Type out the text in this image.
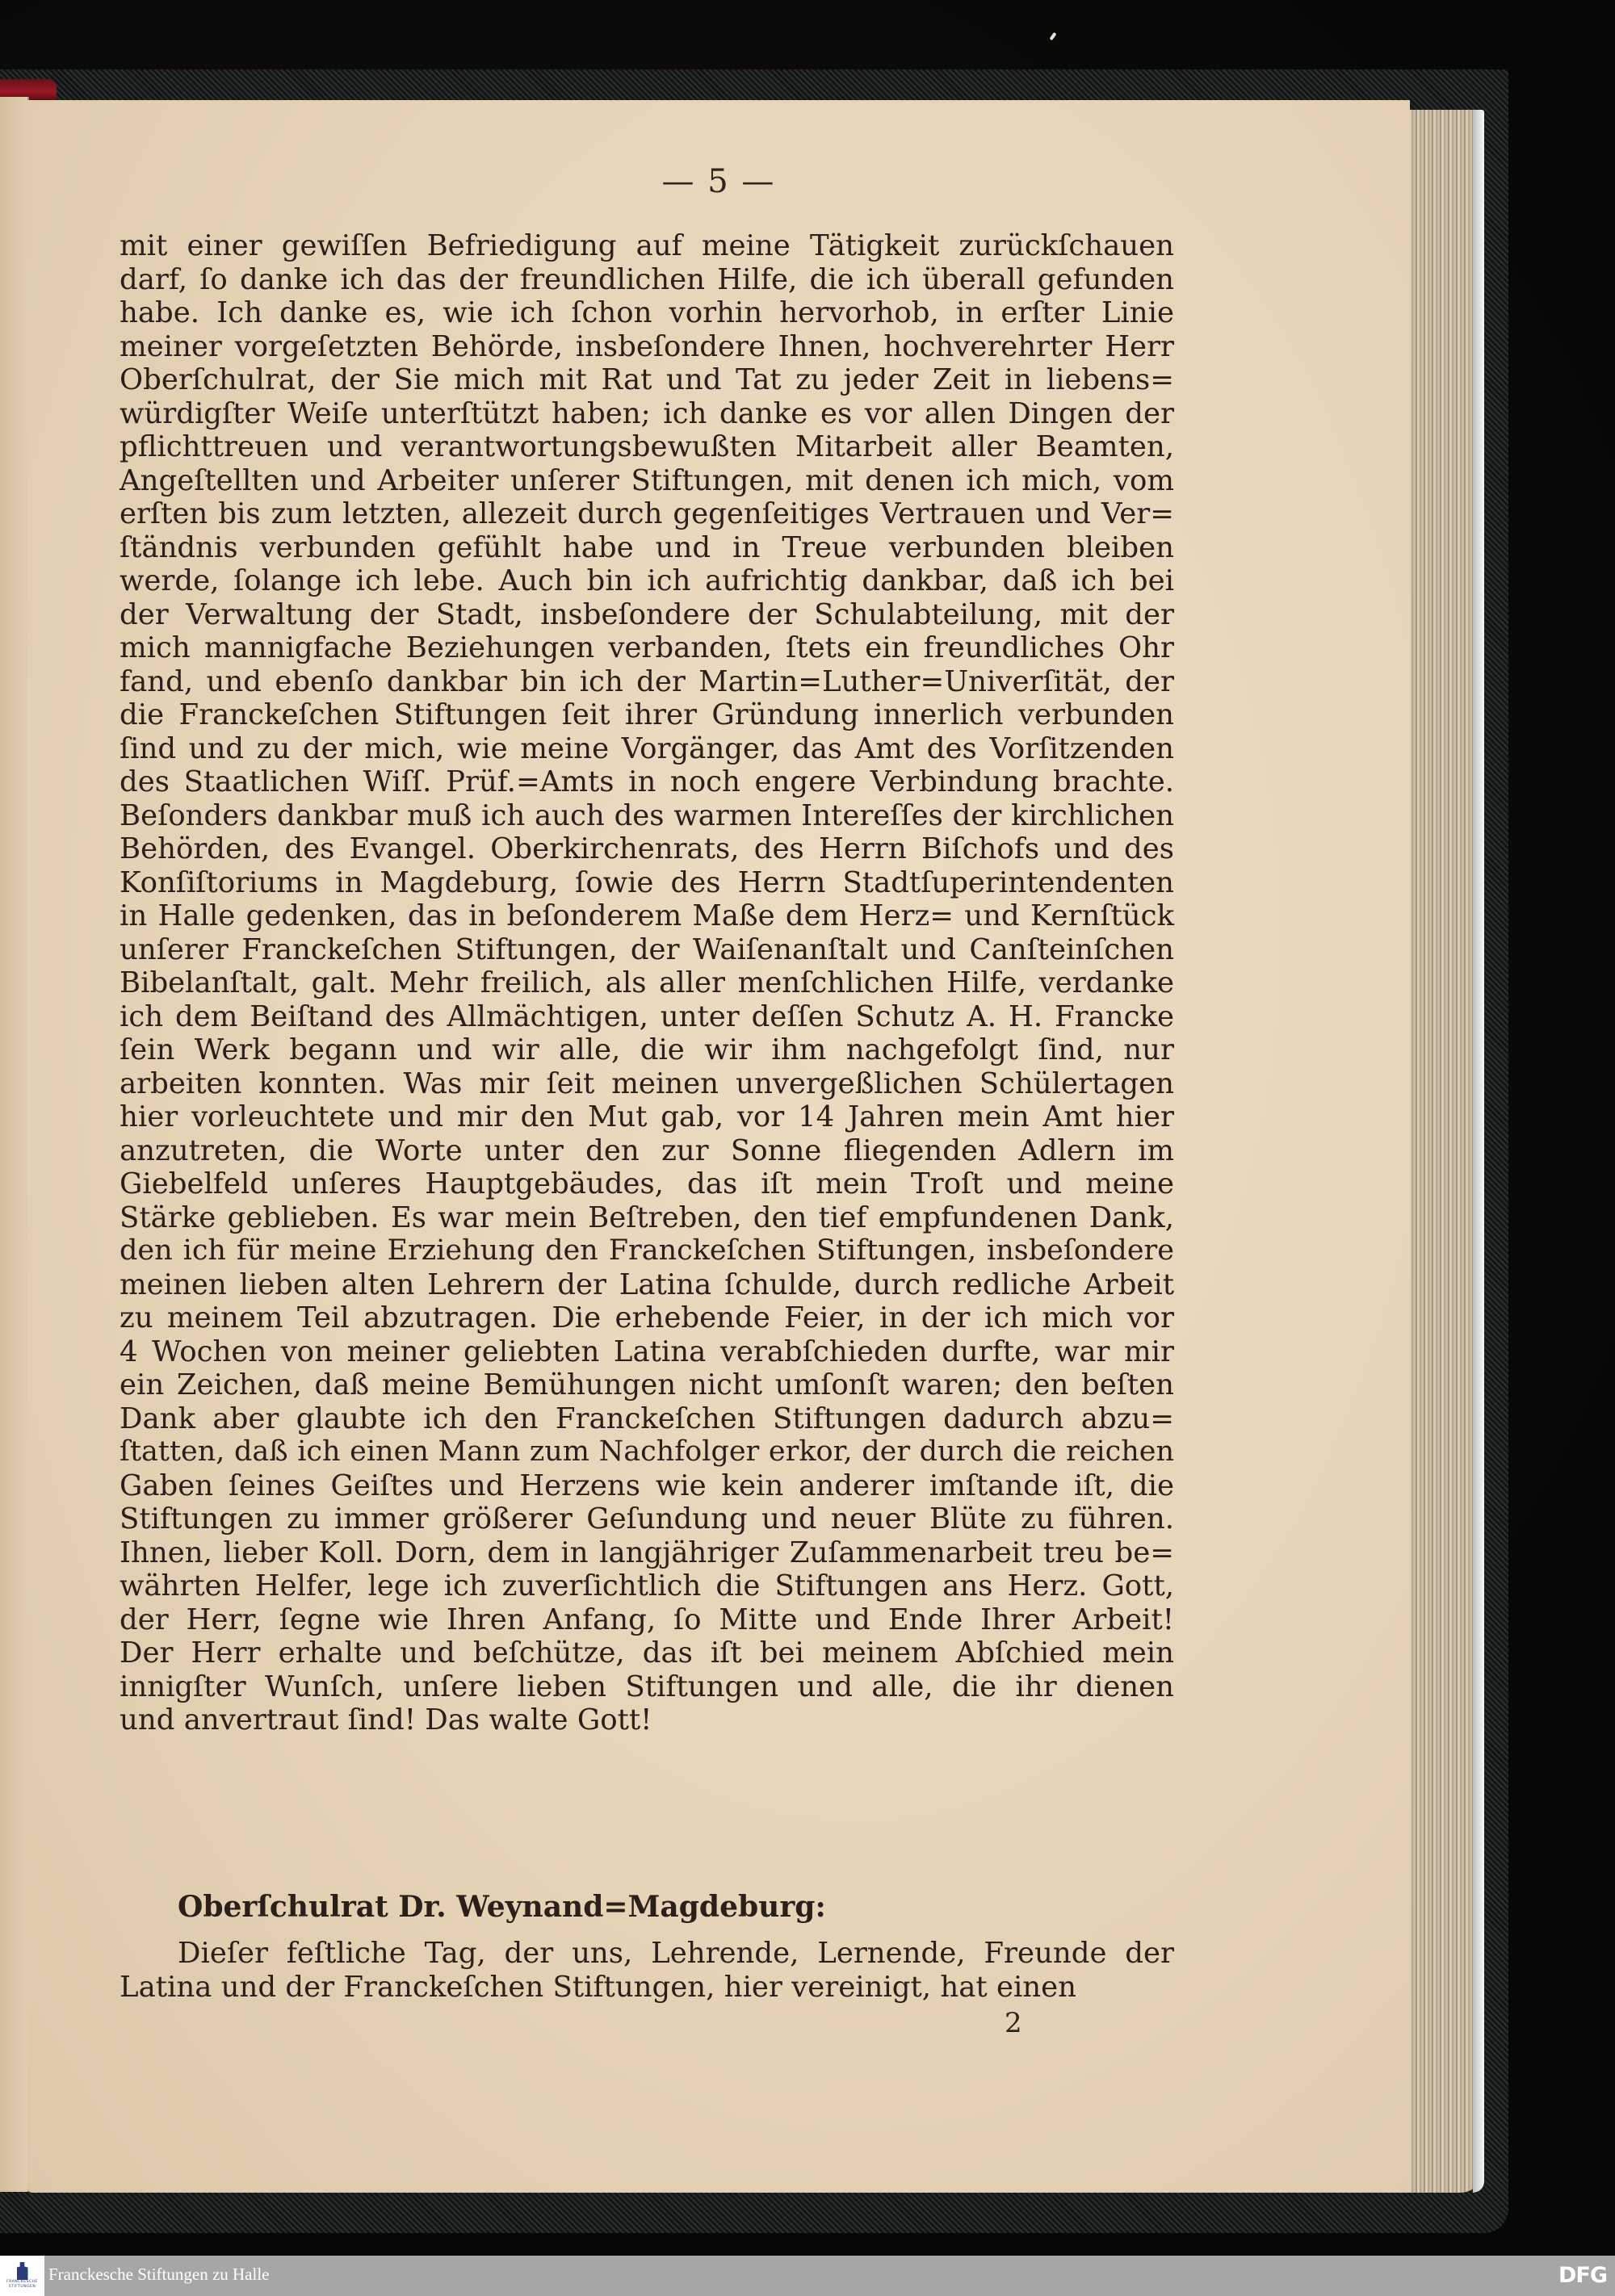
— 5 —
mit einer gewiſſen Befriedigung auf meine Tätigkeit zurückſchauen
darf, ſo danke ich das der freundlichen Hilfe, die ich überall gefunden
habe. Ich danke es, wie ich ſchon vorhin hervorhob, in erſter Linie
meiner vorgeſetzten Behörde, insbeſondere Ihnen, hochverehrter Herr
Oberſchulrat, der Sie mich mit Rat und Tat zu jeder Zeit in liebens=
würdigſter Weiſe unterſtützt haben; ich danke es vor allen Dingen der
pflichttreuen und verantwortungsbewußten Mitarbeit aller Beamten,
Angeſtellten und Arbeiter unſerer Stiftungen, mit denen ich mich, vom
erſten bis zum letzten, allezeit durch gegenſeitiges Vertrauen und Ver=
ſtändnis verbunden gefühlt habe und in Treue verbunden bleiben
werde, ſolange ich lebe. Auch bin ich aufrichtig dankbar, daß ich bei
der Verwaltung der Stadt, insbeſondere der Schulabteilung, mit der
mich mannigfache Beziehungen verbanden, ſtets ein freundliches Ohr
fand, und ebenſo dankbar bin ich der Martin=Luther=Univerſität, der
die Franckeſchen Stiftungen ſeit ihrer Gründung innerlich verbunden
ſind und zu der mich, wie meine Vorgänger, das Amt des Vorſitzenden
des Staatlichen Wiſſ. Prüf.=Amts in noch engere Verbindung brachte.
Beſonders dankbar muß ich auch des warmen Intereſſes der kirchlichen
Behörden, des Evangel. Oberkirchenrats, des Herrn Biſchofs und des
Konſiſtoriums in Magdeburg, ſowie des Herrn Stadtſuperintendenten
in Halle gedenken, das in beſonderem Maße dem Herz= und Kernſtück
unſerer Franckeſchen Stiftungen, der Waiſenanſtalt und Canſteinſchen
Bibelanſtalt, galt. Mehr freilich, als aller menſchlichen Hilfe, verdanke
ich dem Beiſtand des Allmächtigen, unter deſſen Schutz A. H. Francke
ſein Werk begann und wir alle, die wir ihm nachgefolgt ſind, nur
arbeiten konnten. Was mir ſeit meinen unvergeßlichen Schülertagen
hier vorleuchtete und mir den Mut gab, vor 14 Jahren mein Amt hier
anzutreten, die Worte unter den zur Sonne fliegenden Adlern im
Giebelfeld unſeres Hauptgebäudes, das iſt mein Troſt und meine
Stärke geblieben. Es war mein Beſtreben, den tief empfundenen Dank,
den ich für meine Erziehung den Franckeſchen Stiftungen, insbeſondere
meinen lieben alten Lehrern der Latina ſchulde, durch redliche Arbeit
zu meinem Teil abzutragen. Die erhebende Feier, in der ich mich vor
4 Wochen von meiner geliebten Latina verabſchieden durfte, war mir
ein Zeichen, daß meine Bemühungen nicht umſonſt waren; den beſten
Dank aber glaubte ich den Franckeſchen Stiftungen dadurch abzu=
ſtatten, daß ich einen Mann zum Nachfolger erkor, der durch die reichen
Gaben ſeines Geiſtes und Herzens wie kein anderer imſtande iſt, die
Stiftungen zu immer größerer Geſundung und neuer Blüte zu führen.
Ihnen, lieber Koll. Dorn, dem in langjähriger Zuſammenarbeit treu be=
währten Helfer, lege ich zuverſichtlich die Stiftungen ans Herz. Gott,
der Herr, ſegne wie Ihren Anfang, ſo Mitte und Ende Ihrer Arbeit!
Der Herr erhalte und beſchütze, das iſt bei meinem Abſchied mein
innigſter Wunſch, unſere lieben Stiftungen und alle, die ihr dienen
und anvertraut ſind! Das walte Gott!
Oberſchulrat Dr. Weynand=Magdeburg:
Dieſer feſtliche Tag, der uns, Lehrende, Lernende, Freunde der
Latina und der Franckeſchen Stiftungen, hier vereinigt, hat einen
2
FRANCKESCHE
STIFTUNGEN
Franckesche Stiftungen zu Halle	DFG
